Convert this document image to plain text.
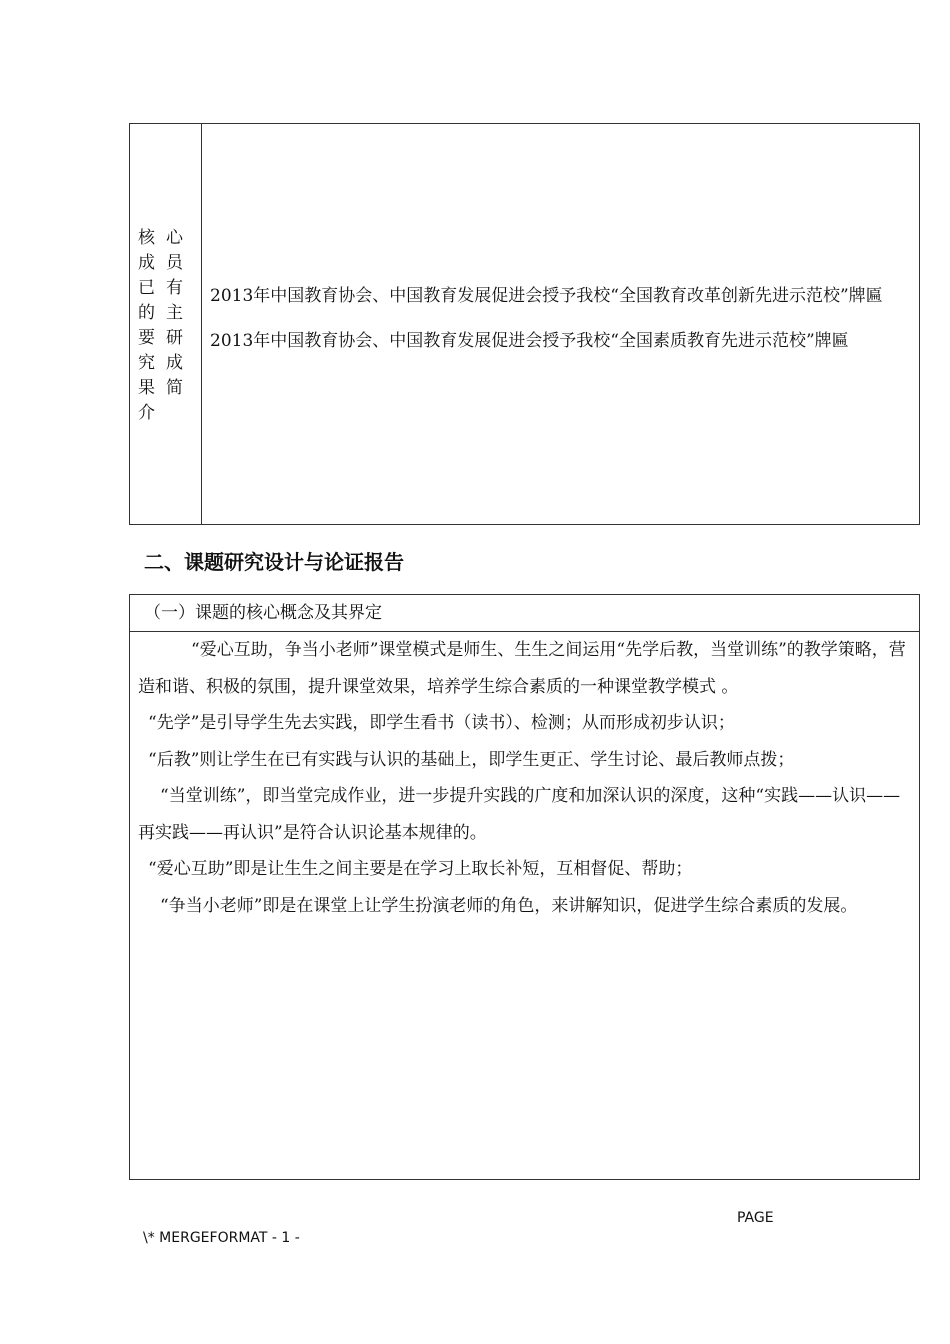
核 心
成 员
已 有
的 主
要 研
究 成
果 简
介

2013年中国教育协会、中国教育发展促进会授予我校“全国教育改革创新先进示范校”牌匾

2013年中国教育协会、中国教育发展促进会授予我校“全国素质教育先进示范校”牌匾

二、课题研究设计与论证报告
（一）课题的核心概念及其界定

“爱心互助，争当小老师”课堂模式是师生、生生之间运用“先学后教，当堂训练”的教学策略，营造和谐、积极的氛围，提升课堂效果，培养学生综合素质的一种课堂教学模式 。

“先学”是引导学生先去实践，即学生看书（读书）、检测；从而形成初步认识；

“后教”则让学生在已有实践与认识的基础上，即学生更正、学生讨论、最后教师点拨；

“当堂训练”，即当堂完成作业，进一步提升实践的广度和加深认识的深度，这种“实践——认识——再实践——再认识”是符合认识论基本规律的。

“爱心互助”即是让生生之间主要是在学习上取长补短，互相督促、帮助；

“争当小老师”即是在课堂上让学生扮演老师的角色，来讲解知识，促进学生综合素质的发展。

PAGE
\* MERGEFORMAT - 1 -
